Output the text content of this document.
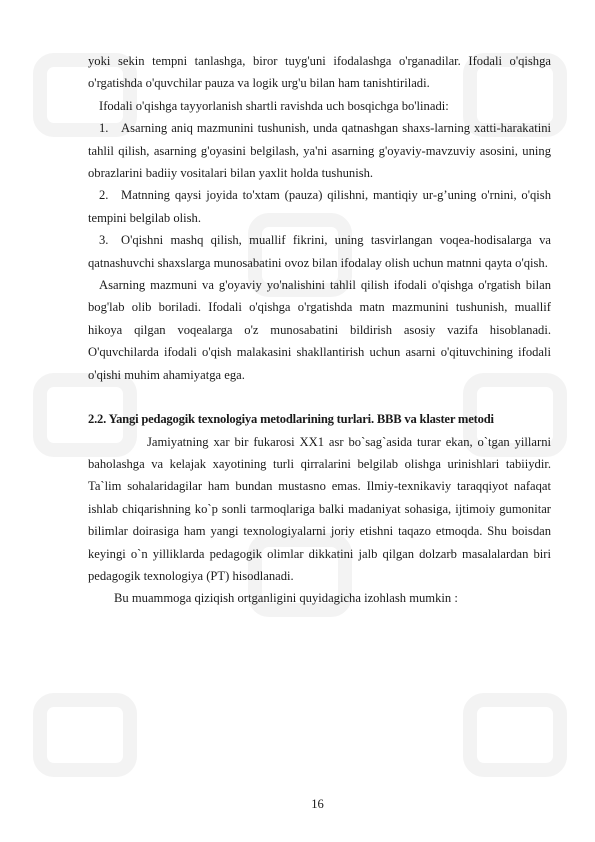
yoki sekin tempni tanlashga, biror tuyg'uni ifodalashga o'rganadilar. Ifodali o'qishga o'rgatishda o'quvchilar pauza va logik urg'u bilan ham tanishtiriladi.

Ifodali o'qishga tayyorlanish shartli ravishda uch bosqichga bo'linadi:

1. Asarning aniq mazmunini tushunish, unda qatnashgan shaxs-larning xatti-harakatini tahlil qilish, asarning g'oyasini belgilash, ya'ni asarning g'oyaviy-mavzuviy asosini, uning obrazlarini badiiy vositalari bilan yaxlit holda tushunish.

2. Matnning qaysi joyida to'xtam (pauza) qilishni, mantiqiy ur-g’uning o'rnini, o'qish tempini belgilab olish.

3. O'qishni mashq qilish, muallif fikrini, uning tasvirlangan voqea-hodisalarga va qatnashuvchi shaxslarga munosabatini ovoz bilan ifodalay olish uchun matnni qayta o'qish.

Asarning mazmuni va g'oyaviy yo'nalishini tahlil qilish ifodali o'qishga o'rgatish bilan bog'lab olib boriladi. Ifodali o'qishga o'rgatishda matn mazmunini tushunish, muallif hikoya qilgan voqealarga o'z munosabatini bildirish asosiy vazifa hisoblanadi. O'quvchilarda ifodali o'qish malakasini shakllantirish uchun asarni o'qituvchining ifodali o'qishi muhim ahamiyatga ega.

2.2. Yangi pedagogik texnologiya metodlarining turlari. BBB va klaster metodi

Jamiyatning xar bir fukarosi XX1 asr bo`sag`asida turar ekan, o`tgan yillarni baholashga va kelajak xayotining turli qirralarini belgilab olishga urinishlari tabiiydir. Ta`lim sohalaridagilar ham bundan mustasno emas. Ilmiy-texnikaviy taraqqiyot nafaqat ishlab chiqarishning ko`p sonli tarmoqlariga balki madaniyat sohasiga, ijtimoiy gumonitar bilimlar doirasiga ham yangi texnologiyalarni joriy etishni taqazo etmoqda. Shu boisdan keyingi o`n yilliklarda pedagogik olimlar dikkatini jalb qilgan dolzarb masalalardan biri pedagogik texnologiya (PT) hisodlanadi.

Bu muammoga qiziqish ortganligini quyidagicha izohlash mumkin :

16
